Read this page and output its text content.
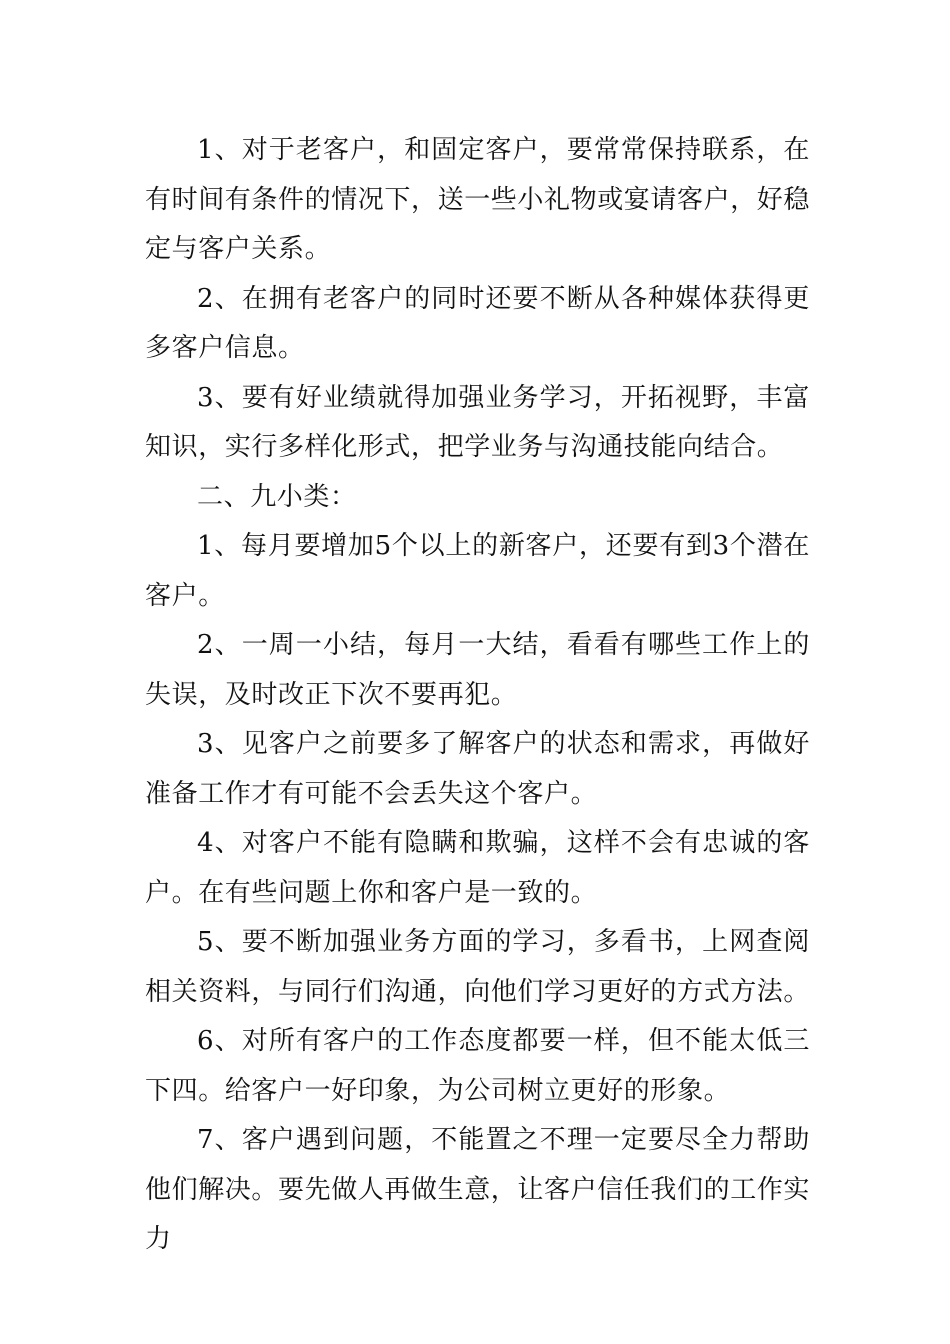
1、对于老客户，和固定客户，要常常保持联系，在有时间有条件的情况下，送一些小礼物或宴请客户，好稳定与客户关系。

2、在拥有老客户的同时还要不断从各种媒体获得更多客户信息。

3、要有好业绩就得加强业务学习，开拓视野，丰富知识，实行多样化形式，把学业务与沟通技能向结合。

二、九小类：

1、每月要增加5个以上的新客户，还要有到3个潜在客户。

2、一周一小结，每月一大结，看看有哪些工作上的失误，及时改正下次不要再犯。

3、见客户之前要多了解客户的状态和需求，再做好准备工作才有可能不会丢失这个客户。

4、对客户不能有隐瞒和欺骗，这样不会有忠诚的客户。在有些问题上你和客户是一致的。

5、要不断加强业务方面的学习，多看书，上网查阅相关资料，与同行们沟通，向他们学习更好的方式方法。

6、对所有客户的工作态度都要一样，但不能太低三下四。给客户一好印象，为公司树立更好的形象。

7、客户遇到问题，不能置之不理一定要尽全力帮助他们解决。要先做人再做生意，让客户信任我们的工作实力
